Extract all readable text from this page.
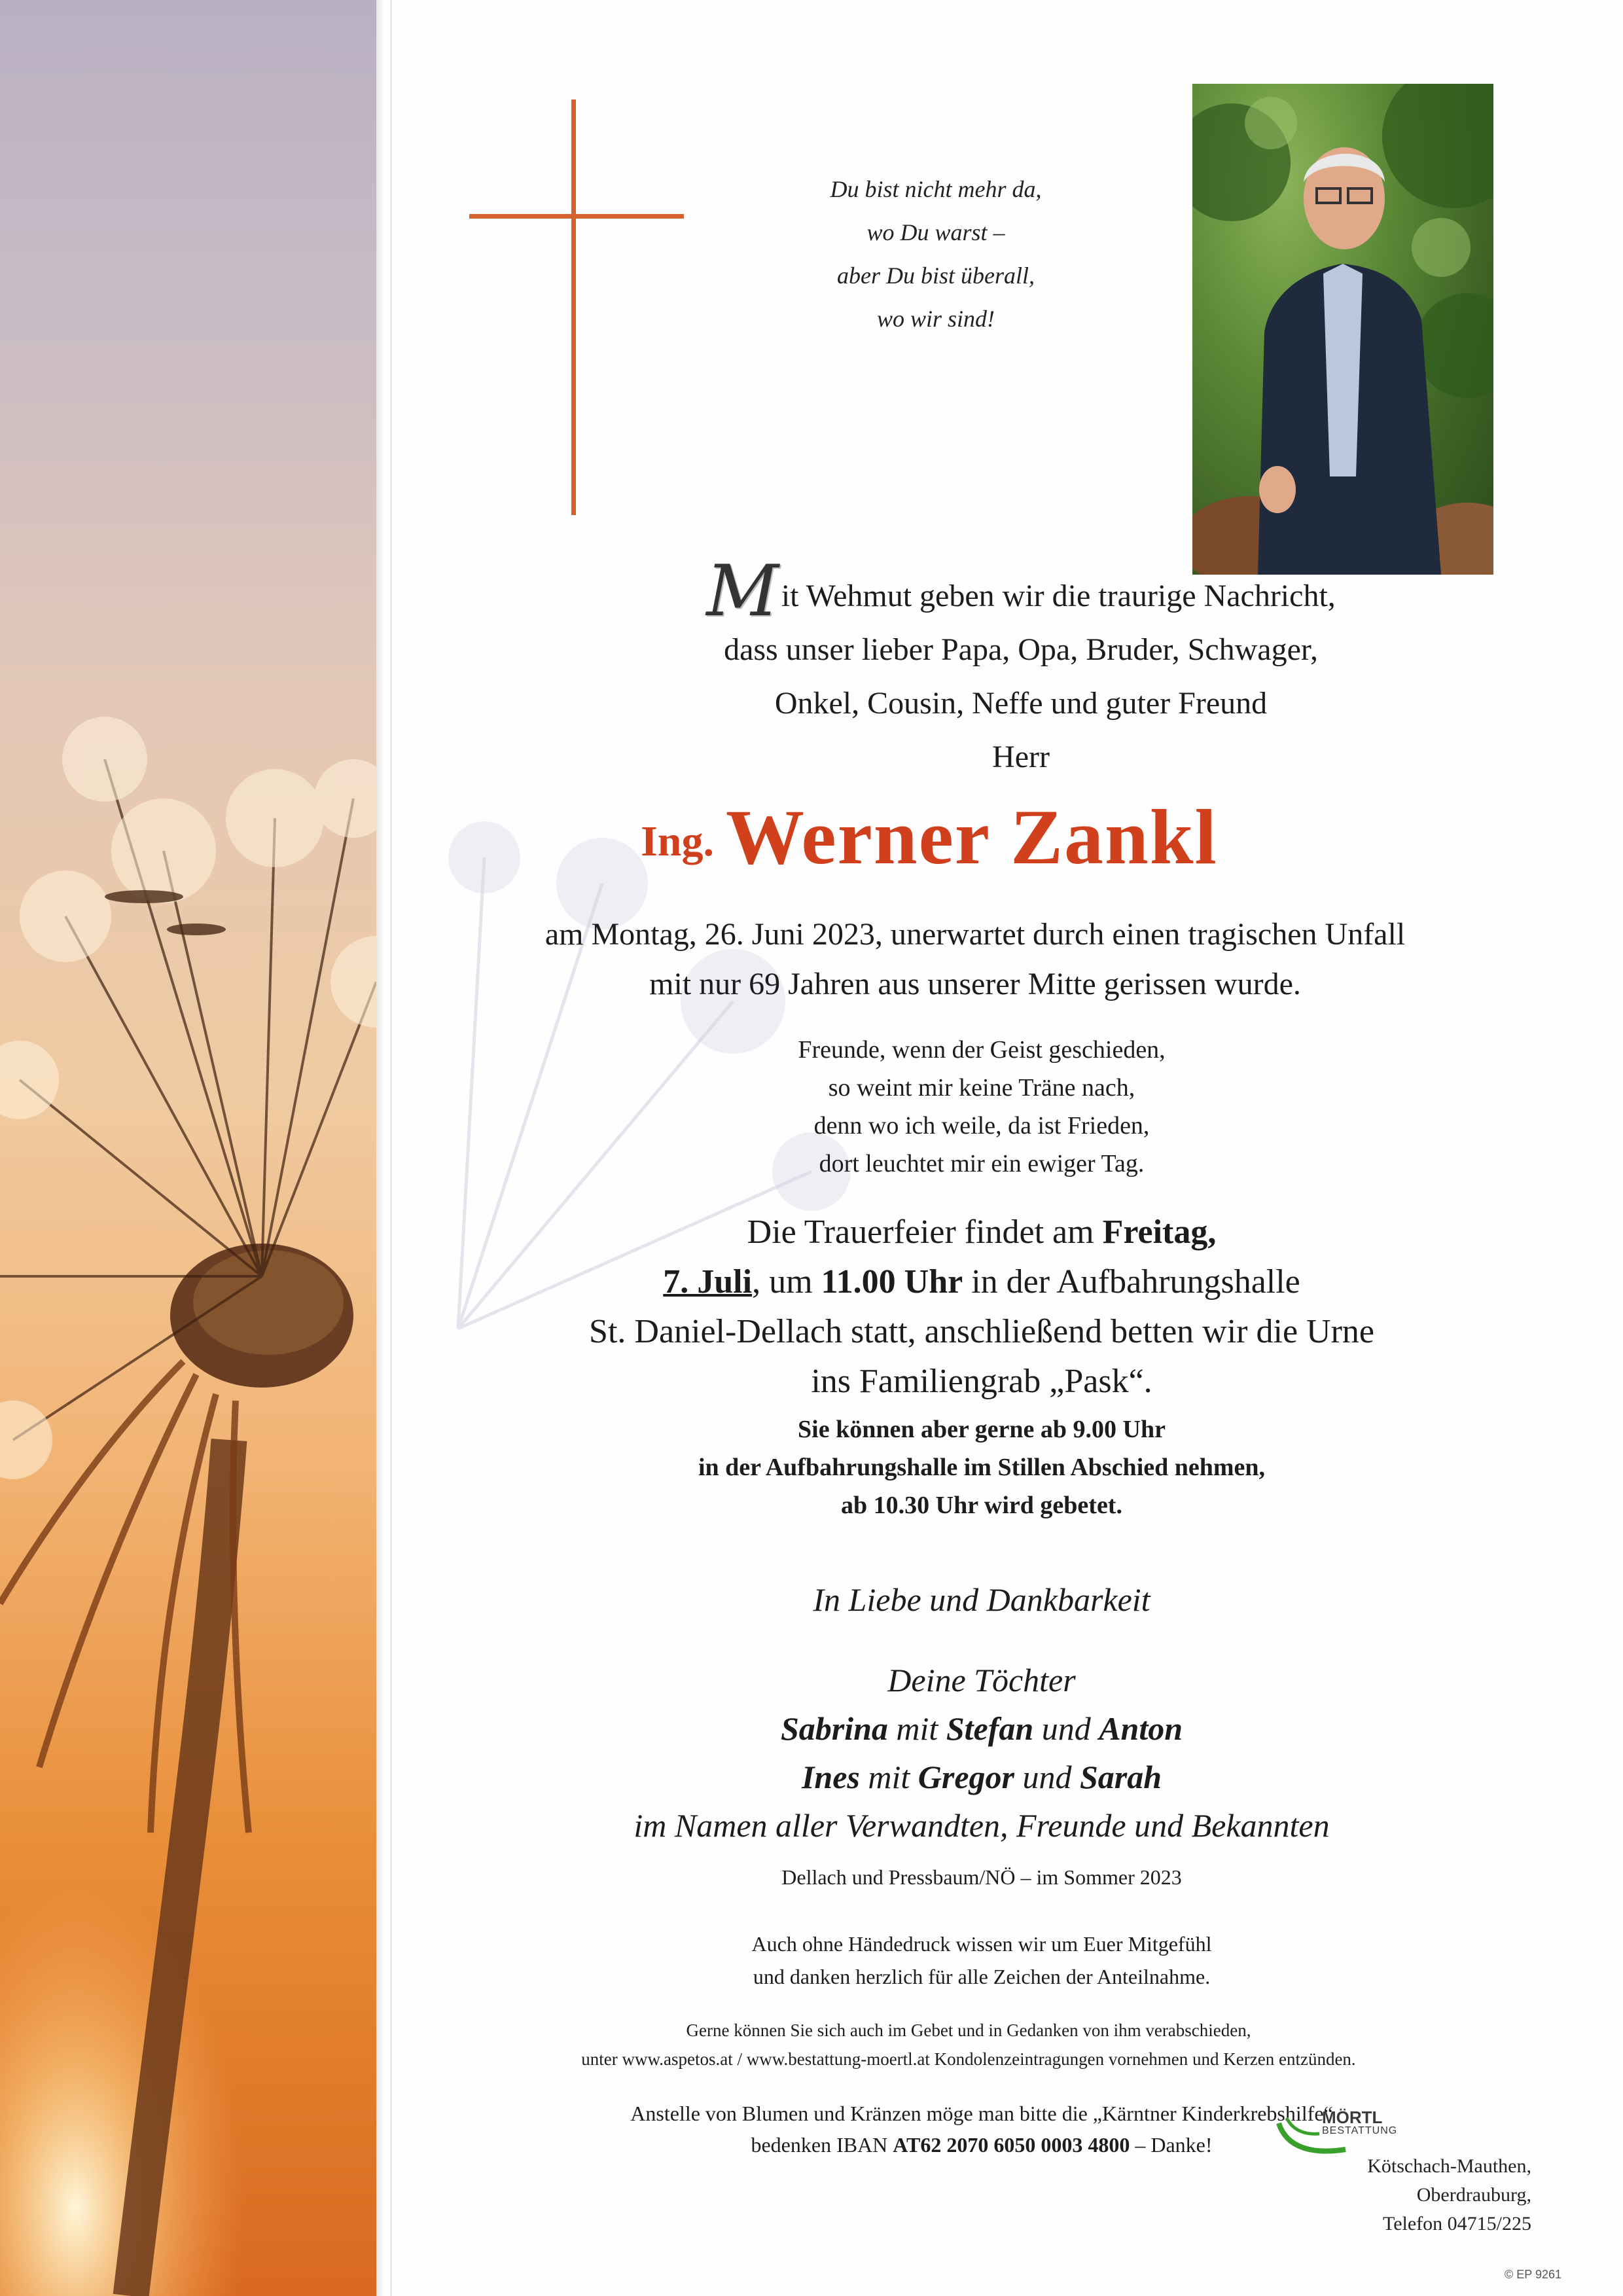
Du bist nicht mehr da,
wo Du warst –
aber Du bist überall,
wo wir sind!
Mit Wehmut geben wir die traurige Nachricht,
dass unser lieber Papa, Opa, Bruder, Schwager,
Onkel, Cousin, Neffe und guter Freund
Herr
Ing. Werner Zankl
am Montag, 26. Juni 2023, unerwartet durch einen tragischen Unfall
mit nur 69 Jahren aus unserer Mitte gerissen wurde.
Freunde, wenn der Geist geschieden,
so weint mir keine Träne nach,
denn wo ich weile, da ist Frieden,
dort leuchtet mir ein ewiger Tag.
Die Trauerfeier findet am Freitag,
7. Juli, um 11.00 Uhr in der Aufbahrungshalle
St. Daniel-Dellach statt, anschließend betten wir die Urne
ins Familiengrab „Pask“.
Sie können aber gerne ab 9.00 Uhr
in der Aufbahrungshalle im Stillen Abschied nehmen,
ab 10.30 Uhr wird gebetet.
In Liebe und Dankbarkeit
Deine Töchter
Sabrina mit Stefan und Anton
Ines mit Gregor und Sarah
im Namen aller Verwandten, Freunde und Bekannten
Dellach und Pressbaum/NÖ – im Sommer 2023
Auch ohne Händedruck wissen wir um Euer Mitgefühl
und danken herzlich für alle Zeichen der Anteilnahme.
Gerne können Sie sich auch im Gebet und in Gedanken von ihm verabschieden,
unter www.aspetos.at / www.bestattung-moertl.at Kondolenzeintragungen vornehmen und Kerzen entzünden.
Anstelle von Blumen und Kränzen möge man bitte die „Kärntner Kinderkrebshilfe“
bedenken IBAN AT62 2070 6050 0003 4800 – Danke!
MÖRTL
BESTATTUNG
Kötschach-Mauthen,
Oberdrauburg,
Telefon 04715/225
© EP 9261
